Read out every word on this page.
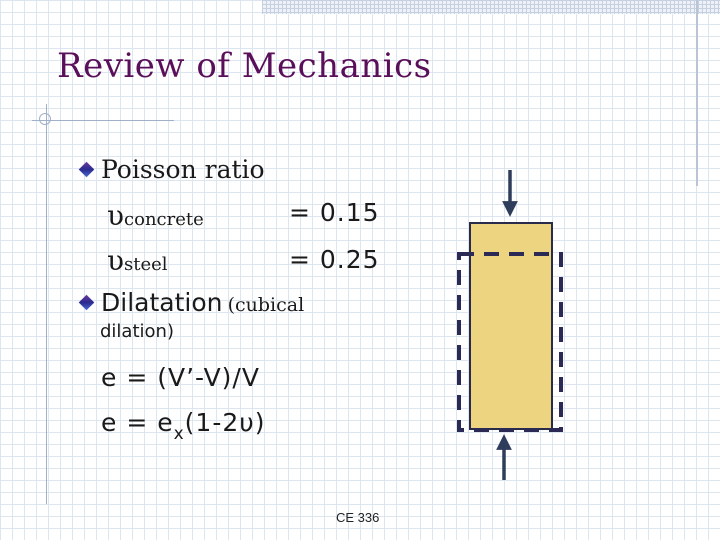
Review of Mechanics
Poisson ratio
υconcrete	= 0.15
υsteel	= 0.25
Dilatation (cubical
dilation)
e = (V’-V)/V
$e = e_x(1-2\upsilon)$
CE 336
